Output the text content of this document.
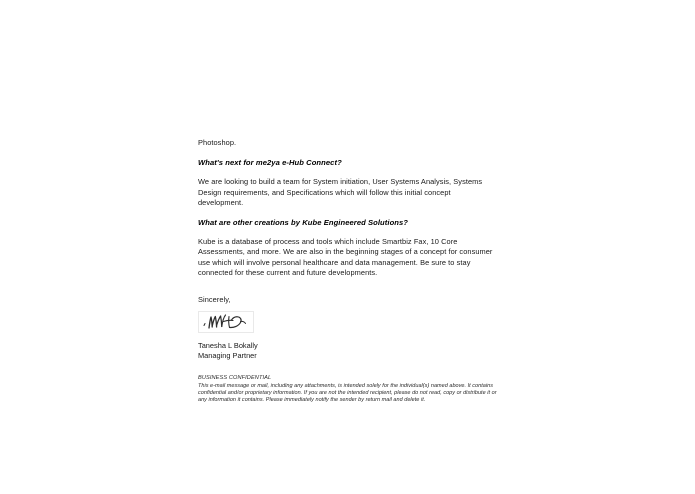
Photoshop.

What's next for me2ya e-Hub Connect?

We are looking to build a team for System initiation, User Systems Analysis, Systems Design requirements, and Specifications which will follow this initial concept development.

What are other creations by Kube Engineered Solutions?

Kube is a database of process and tools which include Smartbiz Fax, 10 Core Assessments, and more. We are also in the beginning stages of a concept for consumer use which will involve personal healthcare and data management. Be sure to stay connected for these current and future developments.

Sincerely,

Tanesha L Bokally

Managing Partner

BUSINESS CONFIDENTIAL

This e-mail message or mail, including any attachments, is intended solely for the individual(s) named above. It contains confidential and/or proprietary information. If you are not the intended recipient, please do not read, copy or distribute it or any information it contains. Please immediately notify the sender by return mail and delete it.
